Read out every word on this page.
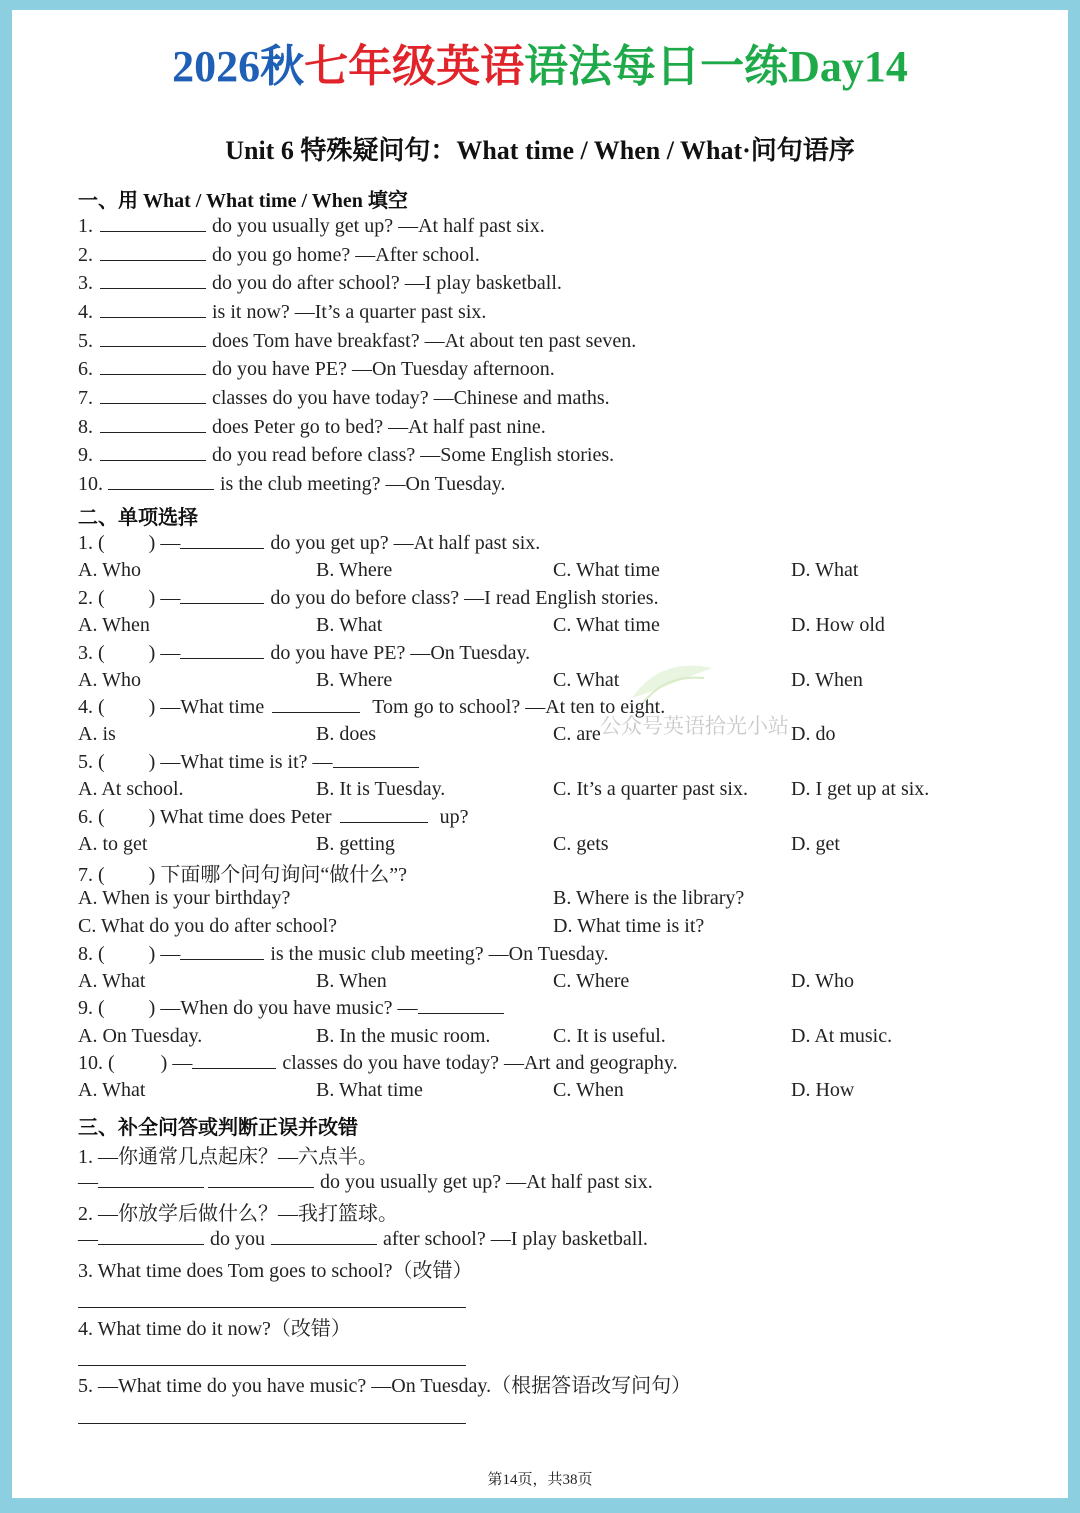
2026秋七年级英语语法每日一练Day14
Unit 6 特殊疑问句：What time / When / What·问句语序
一、用 What / What time / When 填空
1.	do you usually get up? —At half past six.
2.	do you go home? —After school.
3.	do you do after school? —I play basketball.
4.	is it now? —It’s a quarter past six.
5.	does Tom have breakfast? —At about ten past seven.
6.	do you have PE? —On Tuesday afternoon.
7.	classes do you have today? —Chinese and maths.
8.	does Peter go to bed? —At half past nine.
9.	do you read before class? —Some English stories.
10.	is the club meeting? —On Tuesday.
二、单项选择
1. ( ) —	do you get up? —At half past six.
A. Who	B. Where	C. What time	D. What
2. ( ) —	do you do before class? —I read English stories.
A. When	B. What	C. What time	D. How old
3. ( ) —	do you have PE? —On Tuesday.
A. Who	B. Where	C. What	D. When
4. ( ) —What time	Tom go to school? —At ten to eight.
A. is	B. does	C. are	D. do
5. ( ) —What time is it? —
A. At school.	B. It is Tuesday.	C. It’s a quarter past six. D. I get up at six.
6. ( ) What time does Peter	up?
A. to get	B. getting	C. gets	D. get
7. ( ) 下面哪个问句询问“做什么”?
A. When is your birthday?	B. Where is the library?
C. What do you do after school?	D. What time is it?
8. ( ) —	is the music club meeting? —On Tuesday.
A. What	B. When	C. Where	D. Who
9. ( ) —When do you have music? —
A. On Tuesday.	B. In the music room.	C. It is useful.	D. At music.
10. ( ) —	classes do you have today? —Art and geography.
A. What	B. What time	C. When	D. How
三、补全问答或判断正误并改错
1. —你通常几点起床？—六点半。
—	do you usually get up? —At half past six.
2. —你放学后做什么？—我打篮球。
—	do you	after school? —I play basketball.
3. What time does Tom goes to school?（改错）
4. What time do it now?（改错）
5. —What time do you have music? —On Tuesday.（根据答语改写问句）
公众号英语拾光小站
第14页，共38页
